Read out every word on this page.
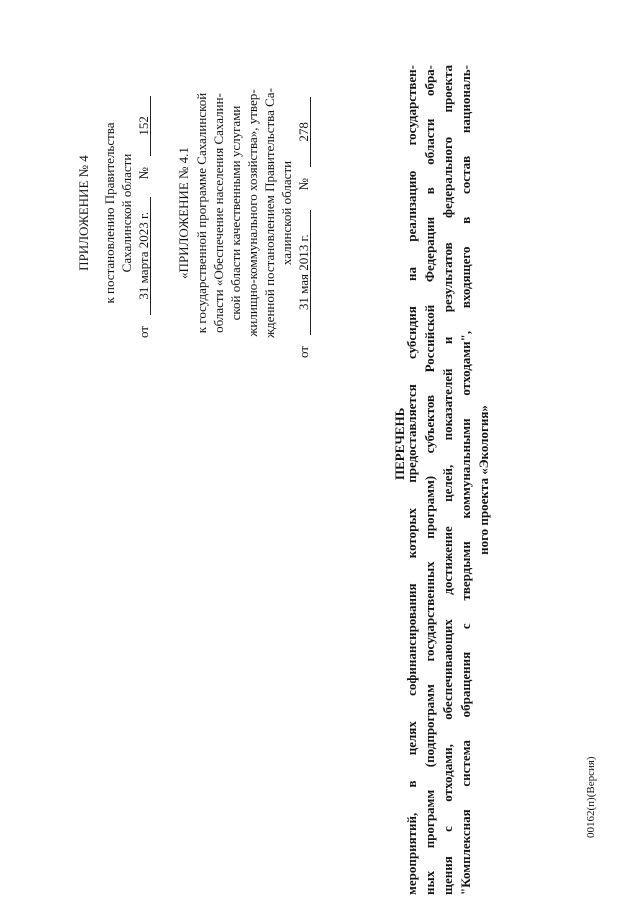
ПРИЛОЖЕНИЕ № 4 к постановлению Правительства Сахалинской области
от 31 марта 2023 г. № 152
«ПРИЛОЖЕНИЕ № 4.1 к государственной программе Сахалинской области «Обеспечение населения Сахалин- ской области качественными услугами жилищно-коммунального хозяйства», утвер- жденной постановлением Правительства Са- халинской области
от 31 мая 2013 г. № 278
ПЕРЕЧЕНЬ
мероприятий, в целях софинансирования которых предоставляется субсидия на реализацию государствен- ных программ (подпрограмм государственных программ) субъектов Российской Федерации в области обра- щения с отходами, обеспечивающих достижение целей, показателей и результатов федерального проекта "Комплексная система обращения с твердыми коммунальными отходами", входящего в состав националь- ного проекта «Экология»
00162(п)(Версия)
